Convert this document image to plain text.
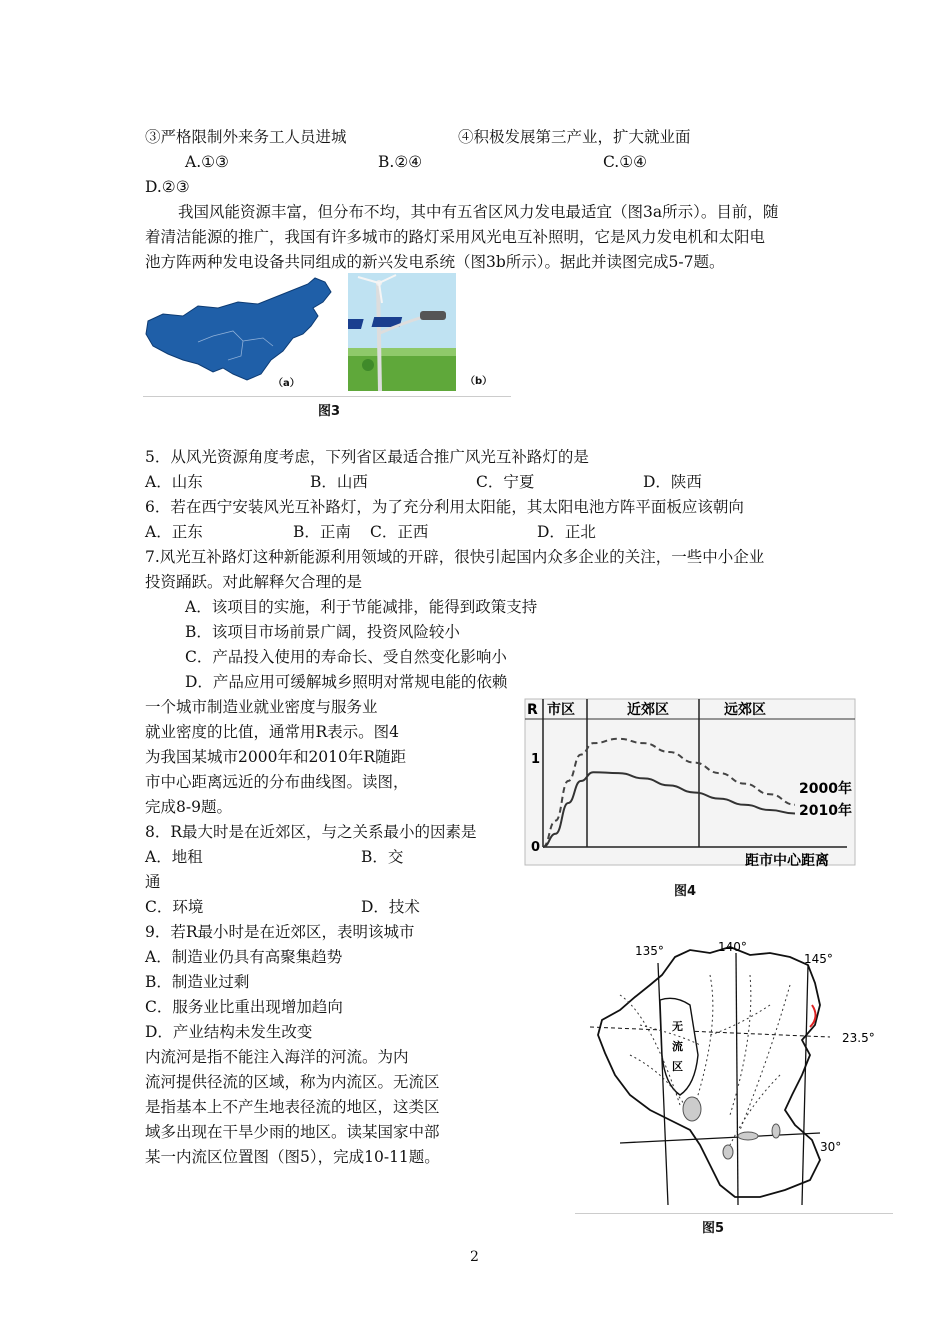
③严格限制外来务工人员进城	④积极发展第三产业，扩大就业面
A.①③	B.②④	C.①④
D.②③
我国风能资源丰富，但分布不均，其中有五省区风力发电最适宜（图3a所示）。目前，随
着清洁能源的推广，我国有许多城市的路灯采用风光电互补照明，它是风力发电机和太阳电
池方阵两种发电设备共同组成的新兴发电系统（图3b所示）。据此并读图完成5-7题。
（a）	（b）
图3
5．从风光资源角度考虑，下列省区最适合推广风光互补路灯的是
A．山东	B．山西	C．宁夏	D．陕西
6．若在西宁安装风光互补路灯，为了充分利用太阳能，其太阳电池方阵平面板应该朝向
A．正东	B．正南 C．正西	D．正北
7.风光互补路灯这种新能源利用领域的开辟，很快引起国内众多企业的关注，一些中小企业
投资踊跃。对此解释欠合理的是
A．该项目的实施，利于节能减排，能得到政策支持
B．该项目市场前景广阔，投资风险较小
C．产品投入使用的寿命长、受自然变化影响小
D．产品应用可缓解城乡照明对常规电能的依赖
一个城市制造业就业密度与服务业
就业密度的比值，通常用R表示。图4
为我国某城市2000年和2010年R随距
市中心距离远近的分布曲线图。读图，
完成8-9题。
8．R最大时是在近郊区，与之关系最小的因素是
A．地租	B．交
通
C．环境	D．技术
9．若R最小时是在近郊区，表明该城市
A．制造业仍具有高聚集趋势
B．制造业过剩
C．服务业比重出现增加趋向
D．产业结构未发生改变
内流河是指不能注入海洋的河流。为内
流河提供径流的区域，称为内流区。无流区
是指基本上不产生地表径流的地区，这类区
域多出现在干旱少雨的地区。读某国家中部
某一内流区位置图（图5），完成10-11题。
R 市区	近郊区	远郊区
1
0
2000年
2010年
距市中心距离
图4
无
流
区
135°	140°
145°
23.5°
30°
图5
2
